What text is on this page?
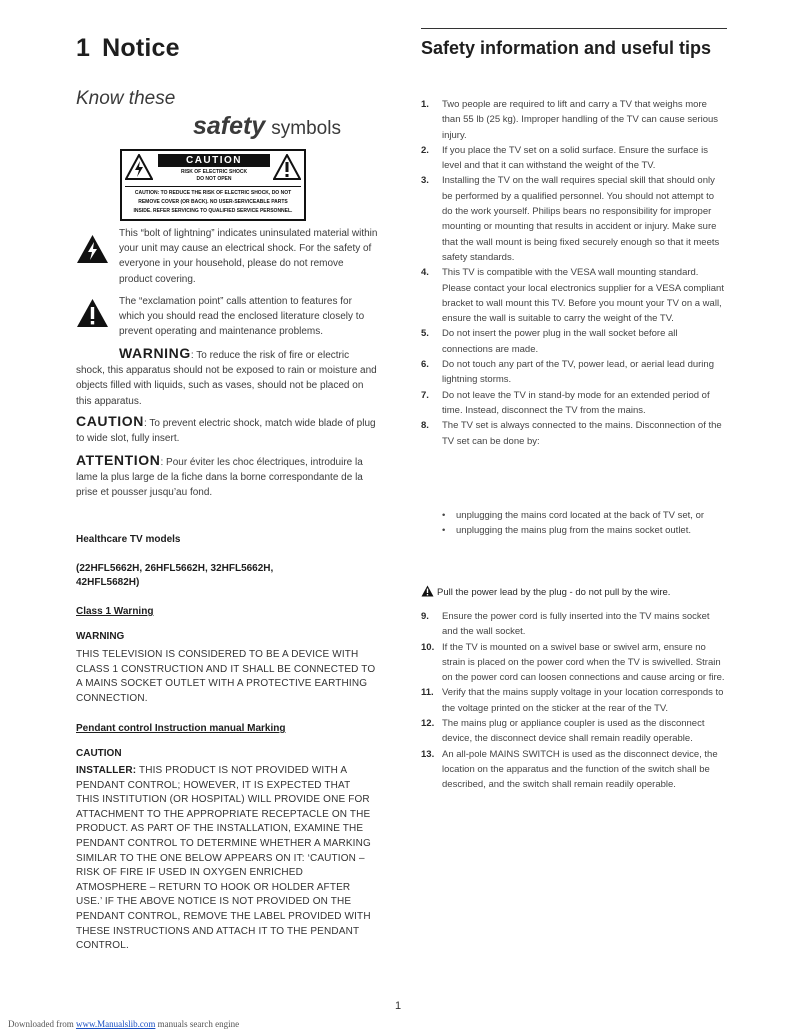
1 Notice

Know these

safety symbols

CAUTION
RISK OF ELECTRIC SHOCK
DO NOT OPEN
CAUTION: TO REDUCE THE RISK OF ELECTRIC SHOCK, DO NOT
REMOVE COVER (OR BACK). NO USER-SERVICEABLE PARTS
INSIDE. REFER SERVICING TO QUALIFIED SERVICE PERSONNEL.

This “bolt of lightning” indicates uninsulated material within your unit may cause an electrical shock. For the safety of everyone in your household, please do not remove product covering.

The “exclamation point” calls attention to features for which you should read the enclosed literature closely to prevent operating and maintenance problems.

WARNING: To reduce the risk of fire or electric shock, this apparatus should not be exposed to rain or moisture and objects filled with liquids, such as vases, should not be placed on this apparatus.

CAUTION: To prevent electric shock, match wide blade of plug to wide slot, fully insert.

ATTENTION: Pour éviter les choc électriques, introduire la lame la plus large de la fiche dans la borne correspondante de la prise et pousser jusqu’au fond.

Healthcare TV models

(22HFL5662H, 26HFL5662H, 32HFL5662H,

42HFL5682H)

Class 1 Warning

WARNING

THIS TELEVISION IS CONSIDERED TO BE A DEVICE WITH CLASS 1 CONSTRUCTION AND IT SHALL BE CONNECTED TO A MAINS SOCKET OUTLET WITH A PROTECTIVE EARTHING CONNECTION.

Pendant control Instruction manual Marking

CAUTION

INSTALLER: THIS PRODUCT IS NOT PROVIDED WITH A PENDANT CONTROL; HOWEVER, IT IS EXPECTED THAT THIS INSTITUTION (OR HOSPITAL) WILL PROVIDE ONE FOR ATTACHMENT TO THE APPROPRIATE RECEPTACLE ON THE PRODUCT. AS PART OF THE INSTALLATION, EXAMINE THE PENDANT CONTROL TO DETERMINE WHETHER A MARKING SIMILAR TO THE ONE BELOW APPEARS ON IT: ‘CAUTION – RISK OF FIRE IF USED IN OXYGEN ENRICHED ATMOSPHERE – RETURN TO HOOK OR HOLDER AFTER USE.’ IF THE ABOVE NOTICE IS NOT PROVIDED ON THE PENDANT CONTROL, REMOVE THE LABEL PROVIDED WITH THESE INSTRUCTIONS AND ATTACH IT TO THE PENDANT CONTROL.

Safety information and useful tips
1. Two people are required to lift and carry a TV that weighs more than 55 lb (25 kg). Improper handling of the TV can cause serious injury.
2. If you place the TV set on a solid surface. Ensure the surface is level and that it can withstand the weight of the TV.
3. Installing the TV on the wall requires special skill that should only be performed by a qualified personnel. You should not attempt to do the work yourself. Philips bears no responsibility for improper mounting or mounting that results in accident or injury. Make sure that the wall mount is being fixed securely enough so that it meets safety standards.
4. This TV is compatible with the VESA wall mounting standard. Please contact your local electronics supplier for a VESA compliant bracket to wall mount this TV. Before you mount your TV on a wall, ensure the wall is suitable to carry the weight of the TV.
5. Do not insert the power plug in the wall socket before all connections are made.
6. Do not touch any part of the TV, power lead, or aerial lead during lightning storms.
7. Do not leave the TV in stand-by mode for an extended period of time. Instead, disconnect the TV from the mains.
8. The TV set is always connected to the mains. Disconnection of the TV set can be done by:
• unplugging the mains cord located at the back of TV set, or
• unplugging the mains plug from the mains socket outlet.

Pull the power lead by the plug - do not pull by the wire.

9. Ensure the power cord is fully inserted into the TV mains socket and the wall socket.
10. If the TV is mounted on a swivel base or swivel arm, ensure no strain is placed on the power cord when the TV is swivelled. Strain on the power cord can loosen connections and cause arcing or fire.
11. Verify that the mains supply voltage in your location corresponds to the voltage printed on the sticker at the rear of the TV.
12. The mains plug or appliance coupler is used as the disconnect device, the disconnect device shall remain readily operable.
13. An all-pole MAINS SWITCH is used as the disconnect device, the location on the apparatus and the function of the switch shall be described, and the switch shall remain readily operable.

1

Downloaded from www.Manualslib.com manuals search engine
